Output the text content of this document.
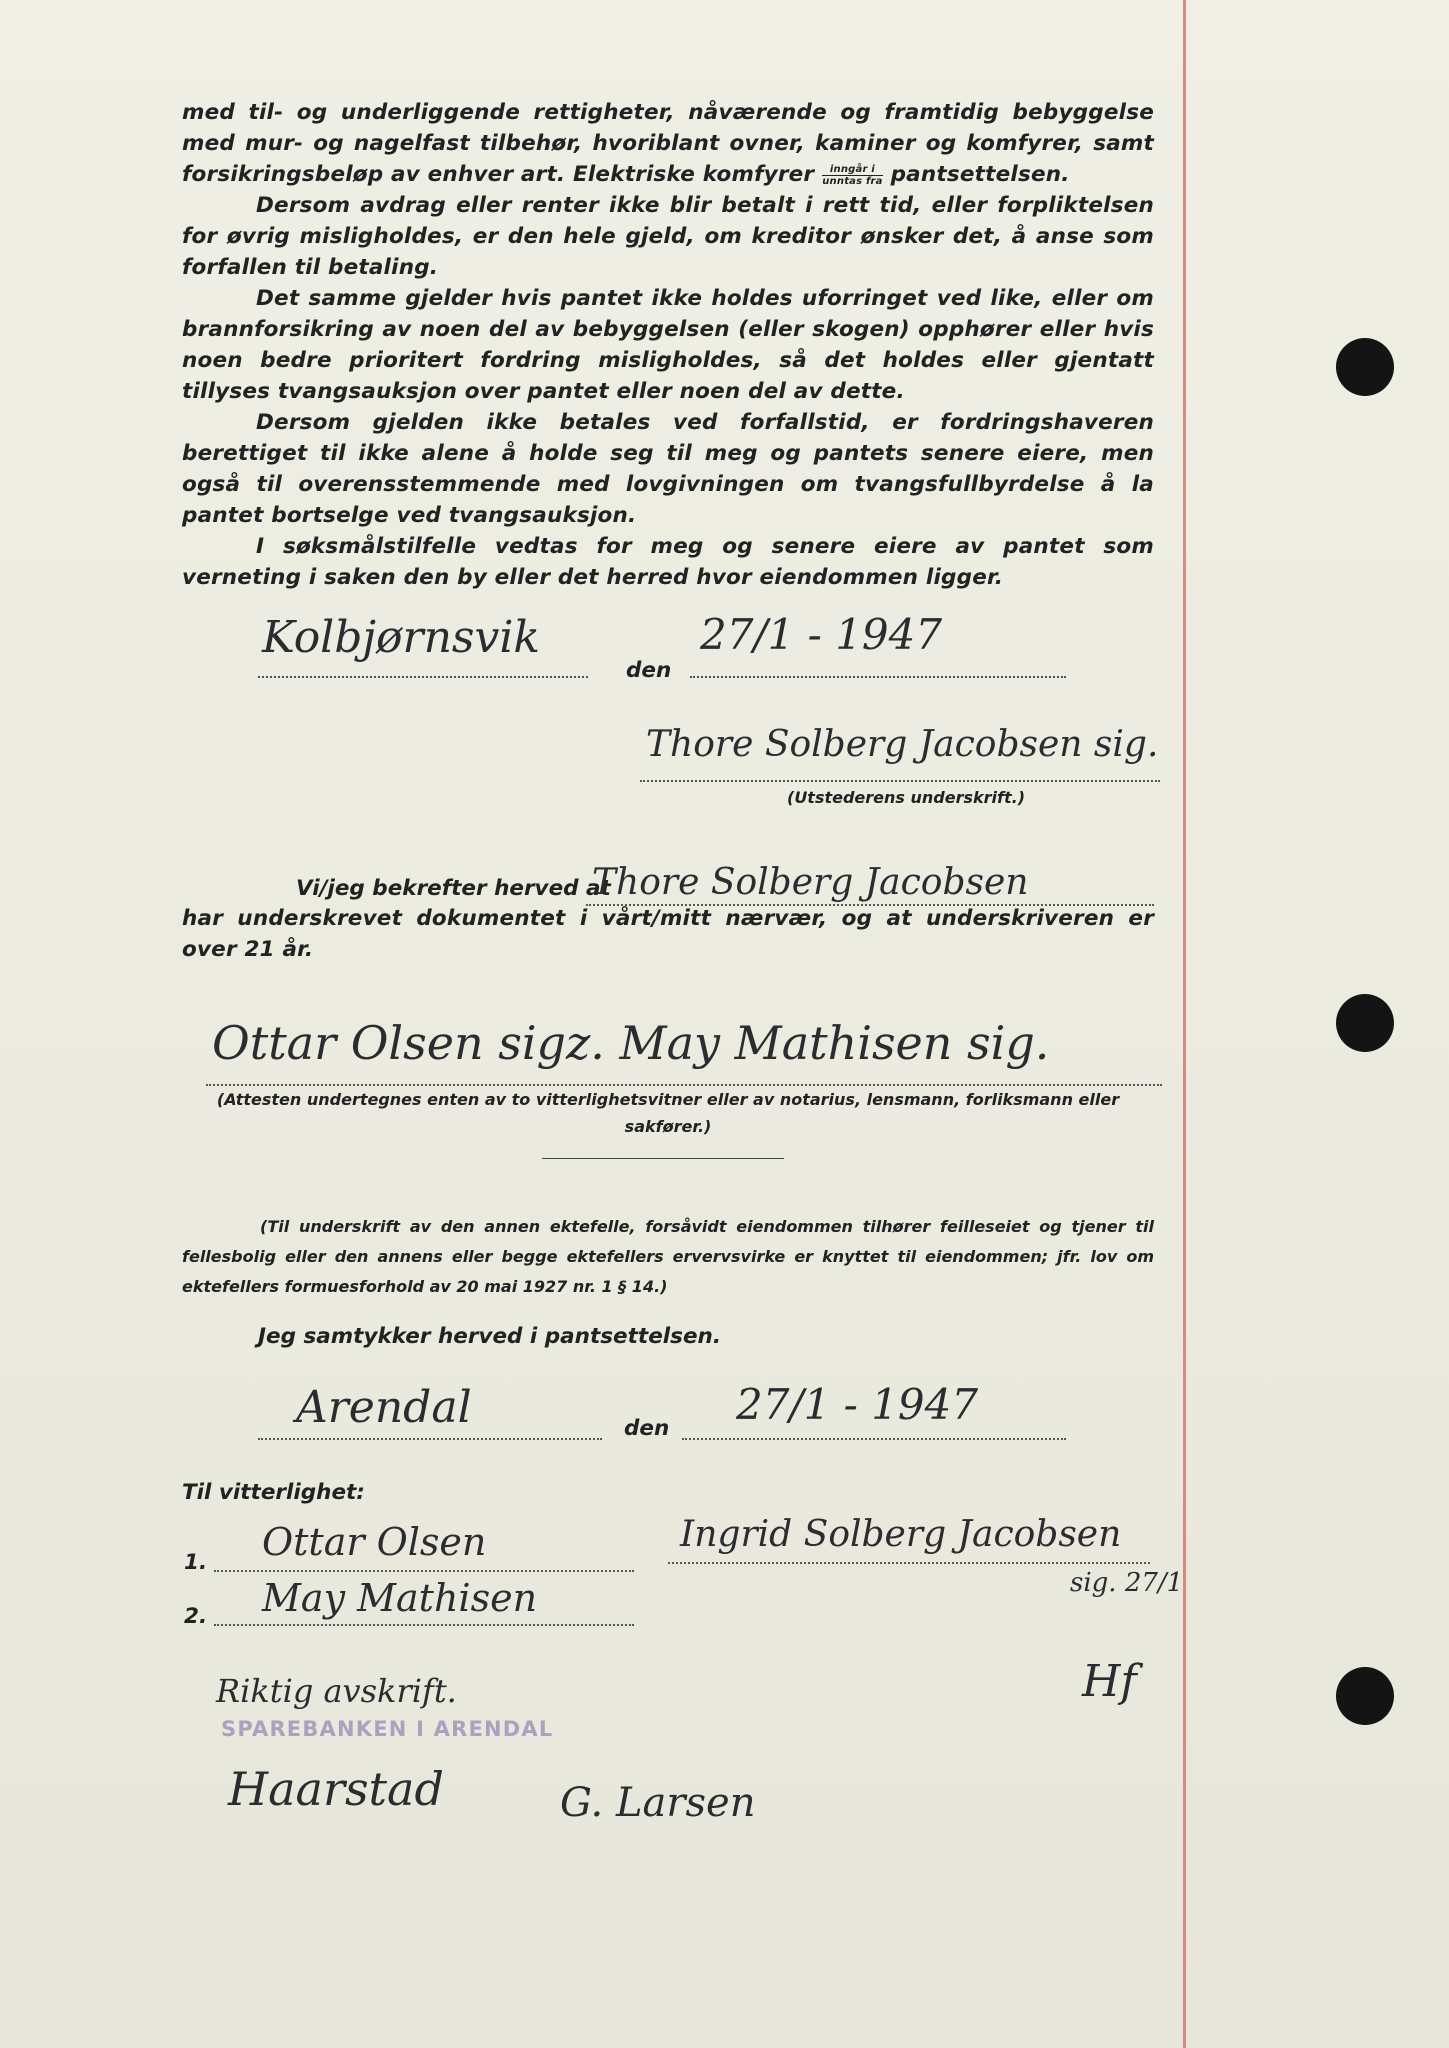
med til- og underliggende rettigheter, nåværende og framtidig bebyggelse med mur- og nagelfast tilbehør, hvoriblant ovner, kaminer og komfyrer, samt forsikringsbeløp av enhver art. Elektriske komfyrer $\frac{\text{inngår i}}{\text{unntas fra}}$ pantsettelsen.

Dersom avdrag eller renter ikke blir betalt i rett tid, eller forpliktelsen for øvrig misligholdes, er den hele gjeld, om kreditor ønsker det, å anse som forfallen til betaling.

Det samme gjelder hvis pantet ikke holdes uforringet ved like, eller om brannforsikring av noen del av bebyggelsen (eller skogen) opphører eller hvis noen bedre prioritert fordring misligholdes, så det holdes eller gjentatt tillyses tvangsauksjon over pantet eller noen del av dette.

Dersom gjelden ikke betales ved forfallstid, er fordringshaveren berettiget til ikke alene å holde seg til meg og pantets senere eiere, men også til overensstemmende med lovgivningen om tvangsfullbyrdelse å la pantet bortselge ved tvangsauksjon.

I søksmålstilfelle vedtas for meg og senere eiere av pantet som verneting i saken den by eller det herred hvor eiendommen ligger.

Kolbjørnsvik
den
27/1 - 1947
Thore Solberg Jacobsen sig.
(Utstederens underskrift.)
Vi/jeg bekrefter herved at
Thore Solberg Jacobsen

har underskrevet dokumentet i vårt/mitt nærvær, og at underskriveren er over 21 år.

Ottar Olsen sigz. May Mathisen sig.
(Attesten undertegnes enten av to vitterlighetsvitner eller av notarius, lensmann, forliksmann eller sakfører.)
(Til underskrift av den annen ektefelle, forsåvidt eiendommen tilhører feilleseiet og tjener til fellesbolig eller den annens eller begge ektefellers ervervsvirke er knyttet til eiendommen; jfr. lov om ektefellers formuesforhold av 20 mai 1927 nr. 1 § 14.)
Jeg samtykker herved i pantsettelsen.
Arendal	den 27/1 - 1947
Til vitterlighet:
1. Ottar Olsen
2. May Mathisen
Ingrid Solberg Jacobsen
sig. 27/1
Hf
Riktig avskrift.
SPAREBANKEN I ARENDAL
Haarstad	G. Larsen
